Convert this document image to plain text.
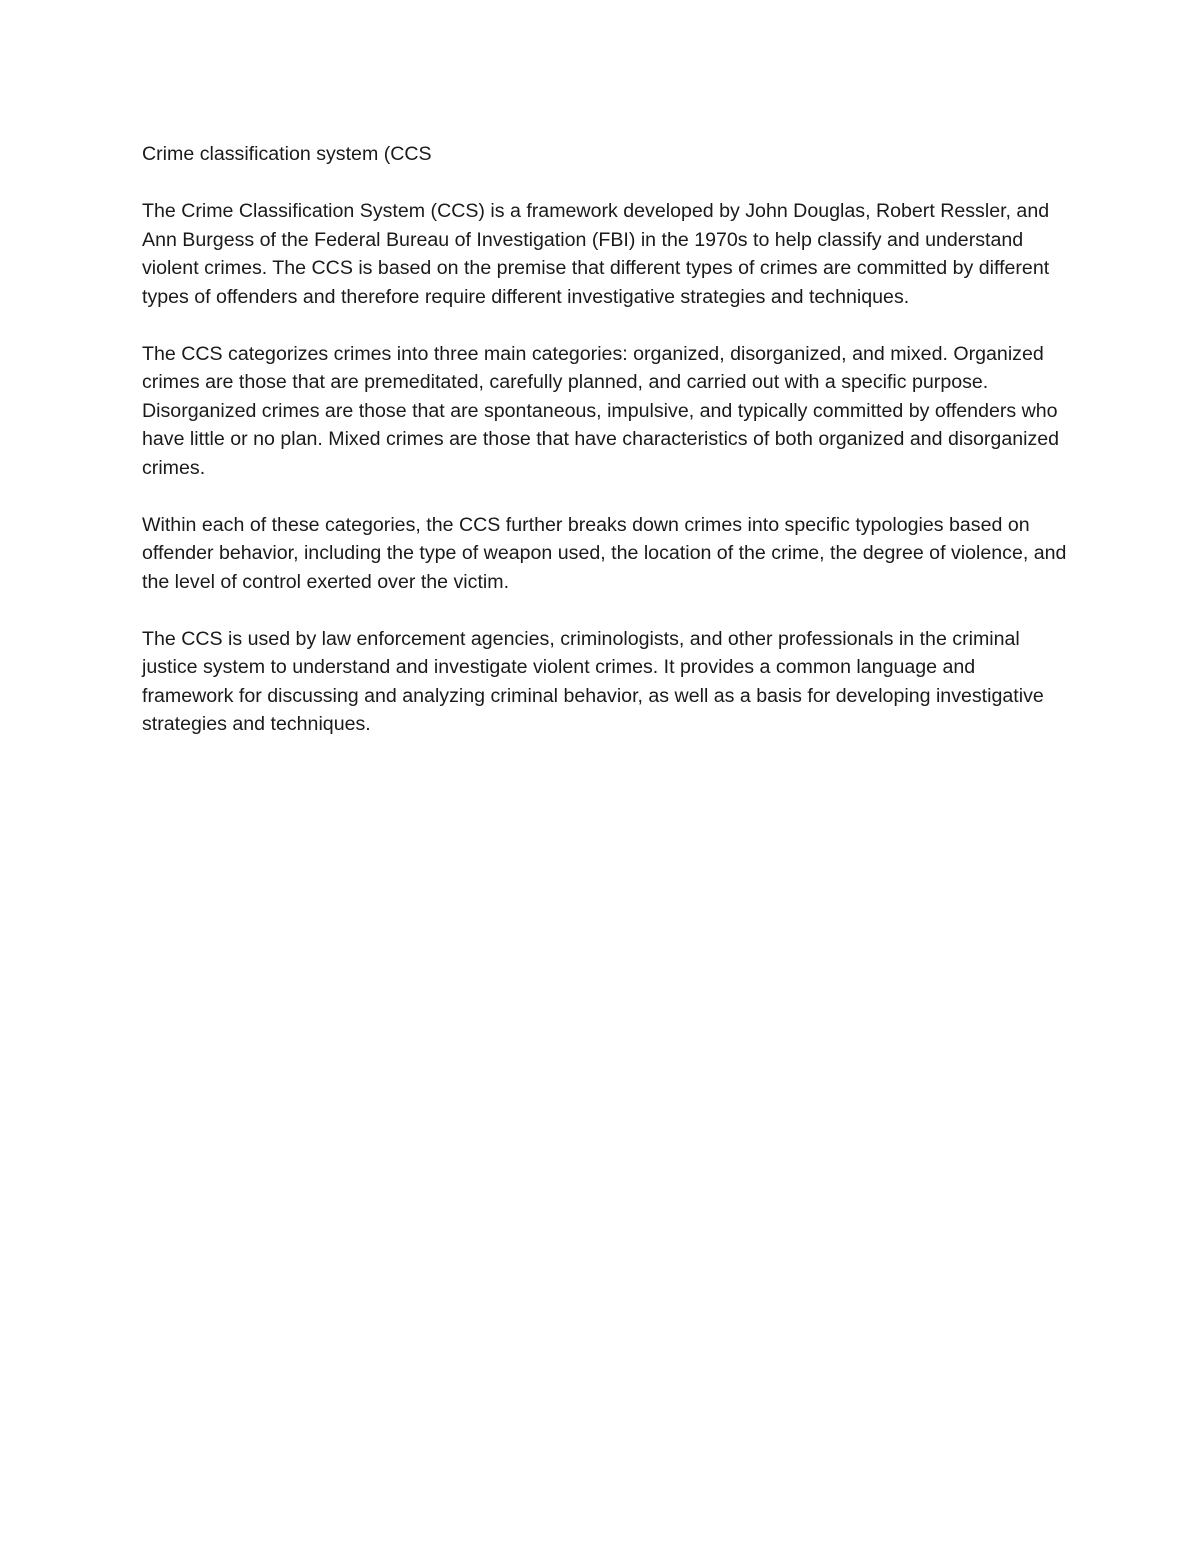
Crime classification system (CCS

The Crime Classification System (CCS) is a framework developed by John Douglas, Robert Ressler, and Ann Burgess of the Federal Bureau of Investigation (FBI) in the 1970s to help classify and understand violent crimes. The CCS is based on the premise that different types of crimes are committed by different types of offenders and therefore require different investigative strategies and techniques.

The CCS categorizes crimes into three main categories: organized, disorganized, and mixed. Organized crimes are those that are premeditated, carefully planned, and carried out with a specific purpose. Disorganized crimes are those that are spontaneous, impulsive, and typically committed by offenders who have little or no plan. Mixed crimes are those that have characteristics of both organized and disorganized crimes.

Within each of these categories, the CCS further breaks down crimes into specific typologies based on offender behavior, including the type of weapon used, the location of the crime, the degree of violence, and the level of control exerted over the victim.

The CCS is used by law enforcement agencies, criminologists, and other professionals in the criminal justice system to understand and investigate violent crimes. It provides a common language and framework for discussing and analyzing criminal behavior, as well as a basis for developing investigative strategies and techniques.
